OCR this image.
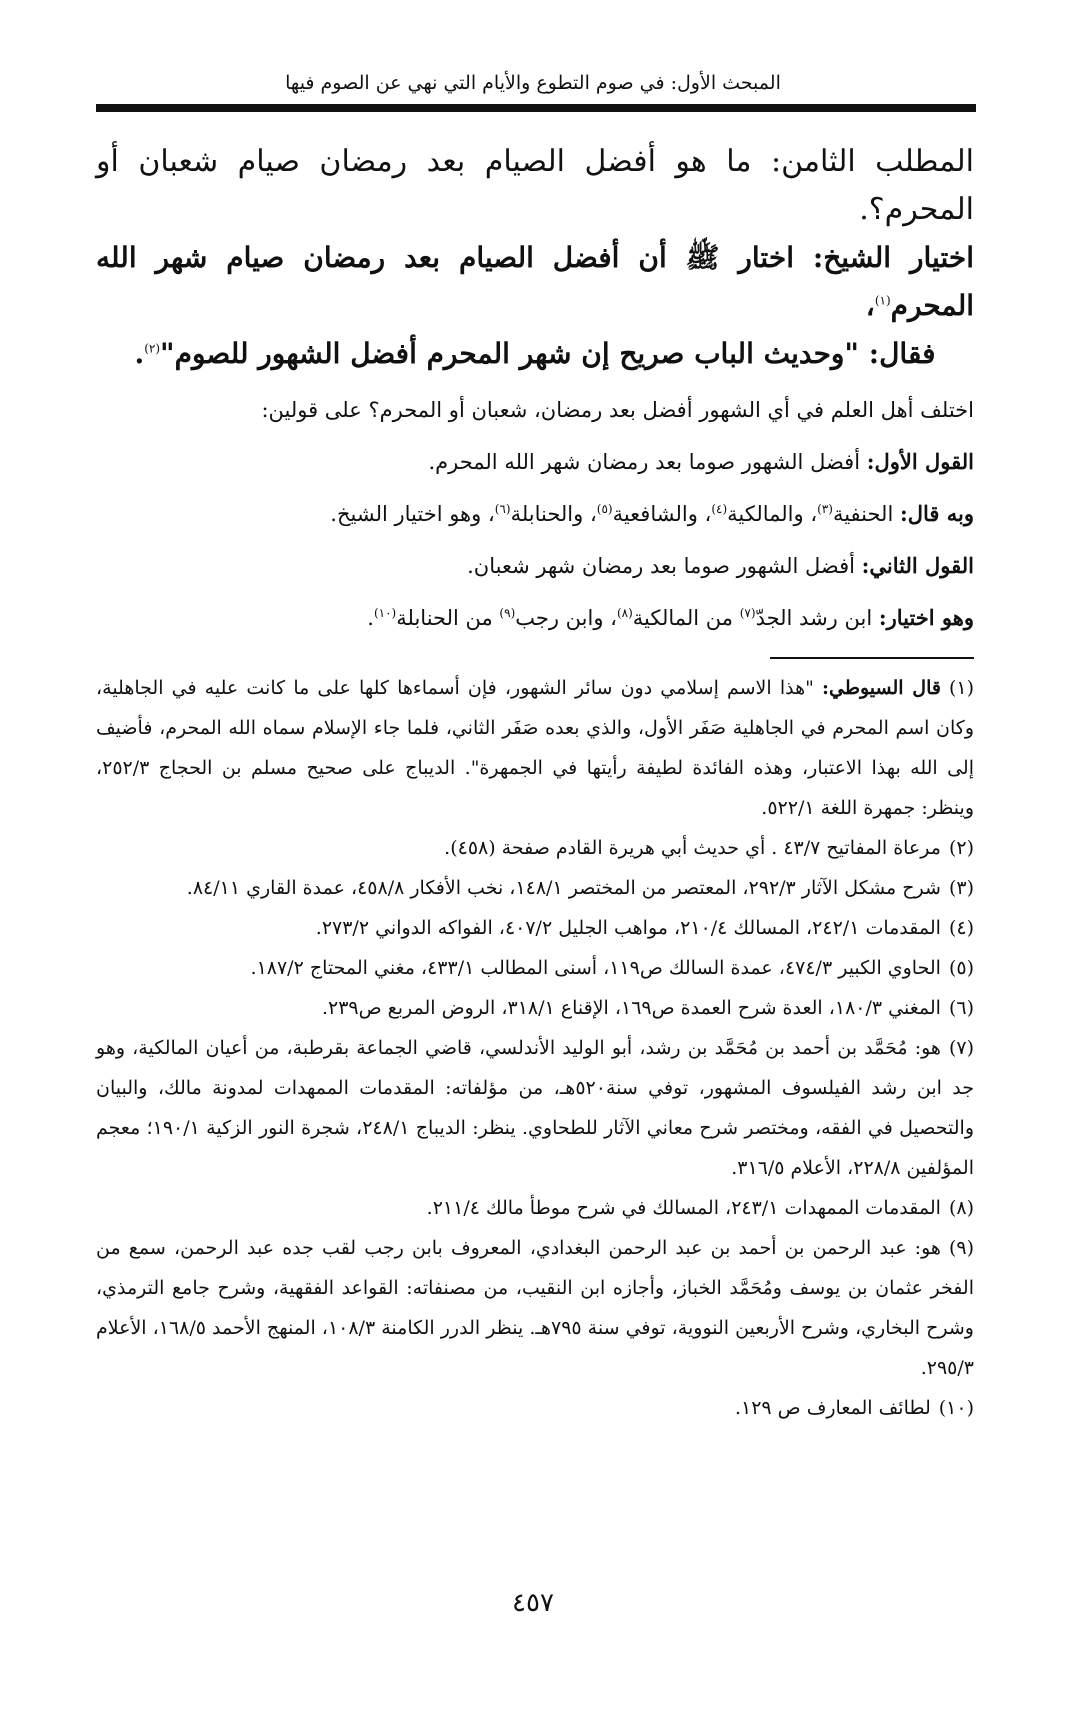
المبحث الأول: في صوم التطوع والأيام التي نهي عن الصوم فيها

المطلب الثامن: ما هو أفضل الصيام بعد رمضان صيام شعبان أو المحرم؟.

اختيار الشيخ: اختار ﷺ أن أفضل الصيام بعد رمضان صيام شهر الله المحرم$^{(١)}$،

فقال: "وحديث الباب صريح إن شهر المحرم أفضل الشهور للصوم"$^{(٢)}$.

اختلف أهل العلم في أي الشهور أفضل بعد رمضان، شعبان أو المحرم؟ على قولين:

القول الأول: أفضل الشهور صوما بعد رمضان شهر الله المحرم.

وبه قال: الحنفية$^{(٣)}$، والمالكية$^{(٤)}$، والشافعية$^{(٥)}$، والحنابلة$^{(٦)}$، وهو اختيار الشيخ.

القول الثاني: أفضل الشهور صوما بعد رمضان شهر شعبان.

وهو اختيار: ابن رشد الجدّ$^{(٧)}$ من المالكية$^{(٨)}$، وابن رجب$^{(٩)}$ من الحنابلة$^{(١٠)}$.

(١)قال السيوطي: "هذا الاسم إسلامي دون سائر الشهور، فإن أسماءها كلها على ما كانت عليه في الجاهلية، وكان اسم المحرم في الجاهلية صَفَر الأول، والذي بعده صَفَر الثاني، فلما جاء الإسلام سماه الله المحرم، فأضيف إلى الله بهذا الاعتبار، وهذه الفائدة لطيفة رأيتها في الجمهرة". الديباج على صحيح مسلم بن الحجاج ٢٥٢/٣، وينظر: جمهرة اللغة ٥٢٢/١.

(٢)مرعاة المفاتيح ٤٣/٧ . أي حديث أبي هريرة القادم صفحة (٤٥٨).

(٣)شرح مشكل الآثار ٢٩٢/٣، المعتصر من المختصر ١٤٨/١، نخب الأفكار ٤٥٨/٨، عمدة القاري ٨٤/١١.

(٤)المقدمات ٢٤٢/١، المسالك ٢١٠/٤، مواهب الجليل ٤٠٧/٢، الفواكه الدواني ٢٧٣/٢.

(٥)الحاوي الكبير ٤٧٤/٣، عمدة السالك ص١١٩، أسنى المطالب ٤٣٣/١، مغني المحتاج ١٨٧/٢.

(٦)المغني ١٨٠/٣، العدة شرح العمدة ص١٦٩، الإقناع ٣١٨/١، الروض المربع ص٢٣٩.

(٧)هو: مُحَمَّد بن أحمد بن مُحَمَّد بن رشد، أبو الوليد الأندلسي، قاضي الجماعة بقرطبة، من أعيان المالكية، وهو جد ابن رشد الفيلسوف المشهور، توفي سنة٥٢٠هـ، من مؤلفاته: المقدمات الممهدات لمدونة مالك، والبيان والتحصيل في الفقه، ومختصر شرح معاني الآثار للطحاوي. ينظر: الديباج ٢٤٨/١، شجرة النور الزكية ١٩٠/١؛ معجم المؤلفين ٢٢٨/٨، الأعلام ٣١٦/٥.

(٨)المقدمات الممهدات ٢٤٣/١، المسالك في شرح موطأ مالك ٢١١/٤.

(٩)هو: عبد الرحمن بن أحمد بن عبد الرحمن البغدادي، المعروف بابن رجب لقب جده عبد الرحمن، سمع من الفخر عثمان بن يوسف ومُحَمَّد الخباز، وأجازه ابن النقيب، من مصنفاته: القواعد الفقهية، وشرح جامع الترمذي، وشرح البخاري، وشرح الأربعين النووية، توفي سنة ٧٩٥هـ. ينظر الدرر الكامنة ١٠٨/٣، المنهج الأحمد ١٦٨/٥، الأعلام ٢٩٥/٣.

(١٠)لطائف المعارف ص ١٢٩.

٤٥٧
